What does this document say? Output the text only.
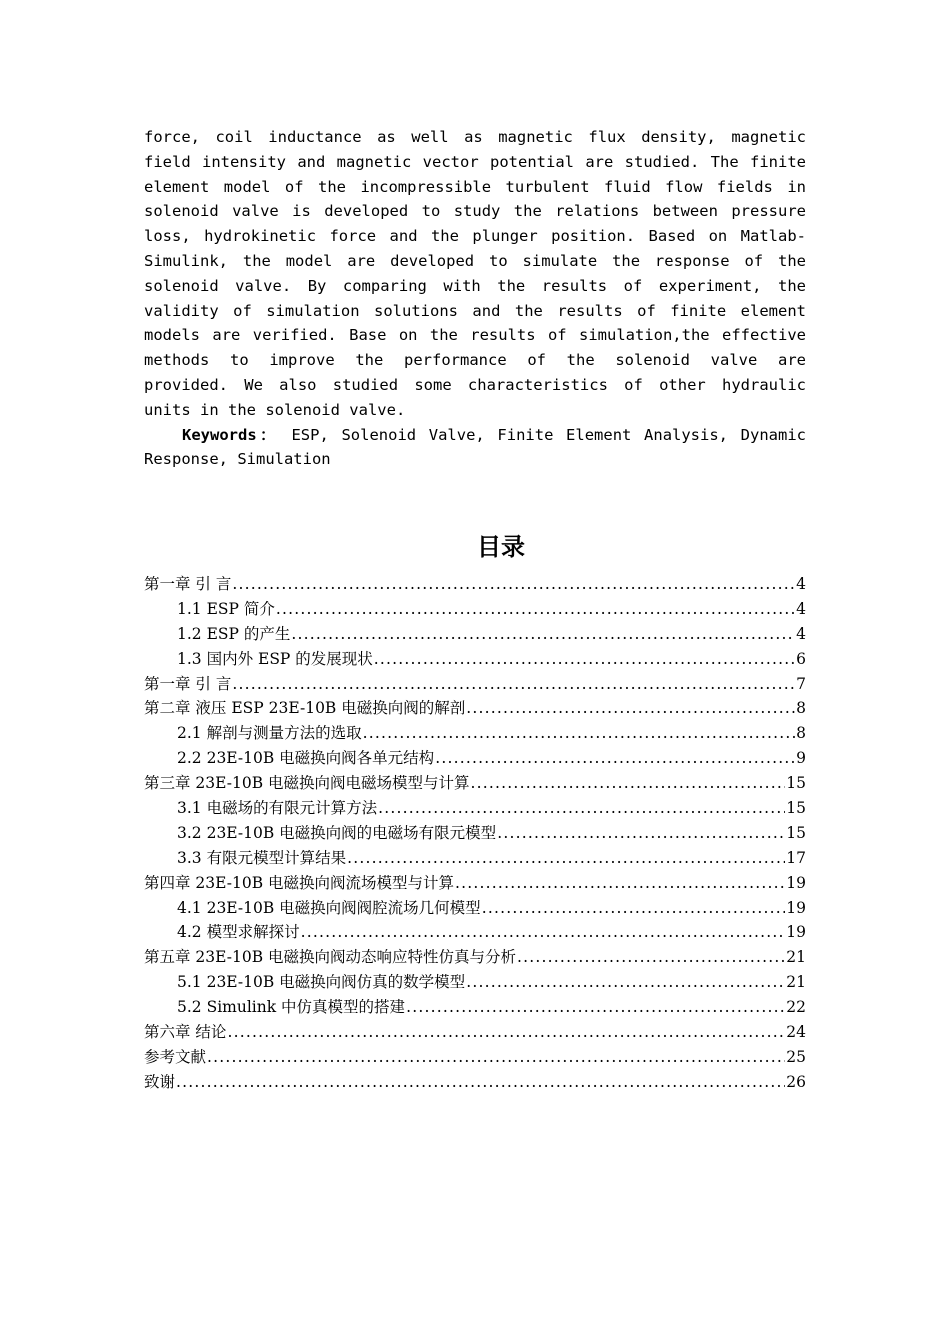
force, coil inductance as well as magnetic flux density, magnetic
field intensity and magnetic vector potential are studied. The finite
element model of the incompressible turbulent fluid flow fields in
solenoid valve is developed to study the relations between pressure
loss, hydrokinetic force and the plunger position. Based on Matlab-
Simulink, the model are developed to simulate the response of the
solenoid valve. By comparing with the results of experiment, the
validity of simulation solutions and the results of finite element
models are verified. Base on the results of simulation,the effective
methods to improve the performance of the solenoid valve are
provided. We also studied some characteristics of other hydraulic
units in the solenoid valve.
Keywords： ESP, Solenoid Valve, Finite Element Analysis, Dynamic
Response, Simulation
目录
第一章 引 言 .....	4
1.1 ESP 简介 .....	4
1.2 ESP 的产生 .....	4
1.3 国内外 ESP 的发展现状 .....	6
第一章 引 言 .....	7
第二章 液压 ESP 23E-10B 电磁换向阀的解剖 .....	8
2.1 解剖与测量方法的选取 .....	8
2.2 23E-10B 电磁换向阀各单元结构 .....	9
第三章 23E-10B 电磁换向阀电磁场模型与计算 .....	15
3.1 电磁场的有限元计算方法 .....	15
3.2 23E-10B 电磁换向阀的电磁场有限元模型 .....	15
3.3 有限元模型计算结果 .....	17
第四章 23E-10B 电磁换向阀流场模型与计算 .....	19
4.1 23E-10B 电磁换向阀阀腔流场几何模型 .....	19
4.2 模型求解探讨 .....	19
第五章 23E-10B 电磁换向阀动态响应特性仿真与分析 .....	21
5.1 23E-10B 电磁换向阀仿真的数学模型 .....	21
5.2 Simulink 中仿真模型的搭建 .....	22
第六章 结论 .....	24
参考文献 .....	25
致谢 .....	26
